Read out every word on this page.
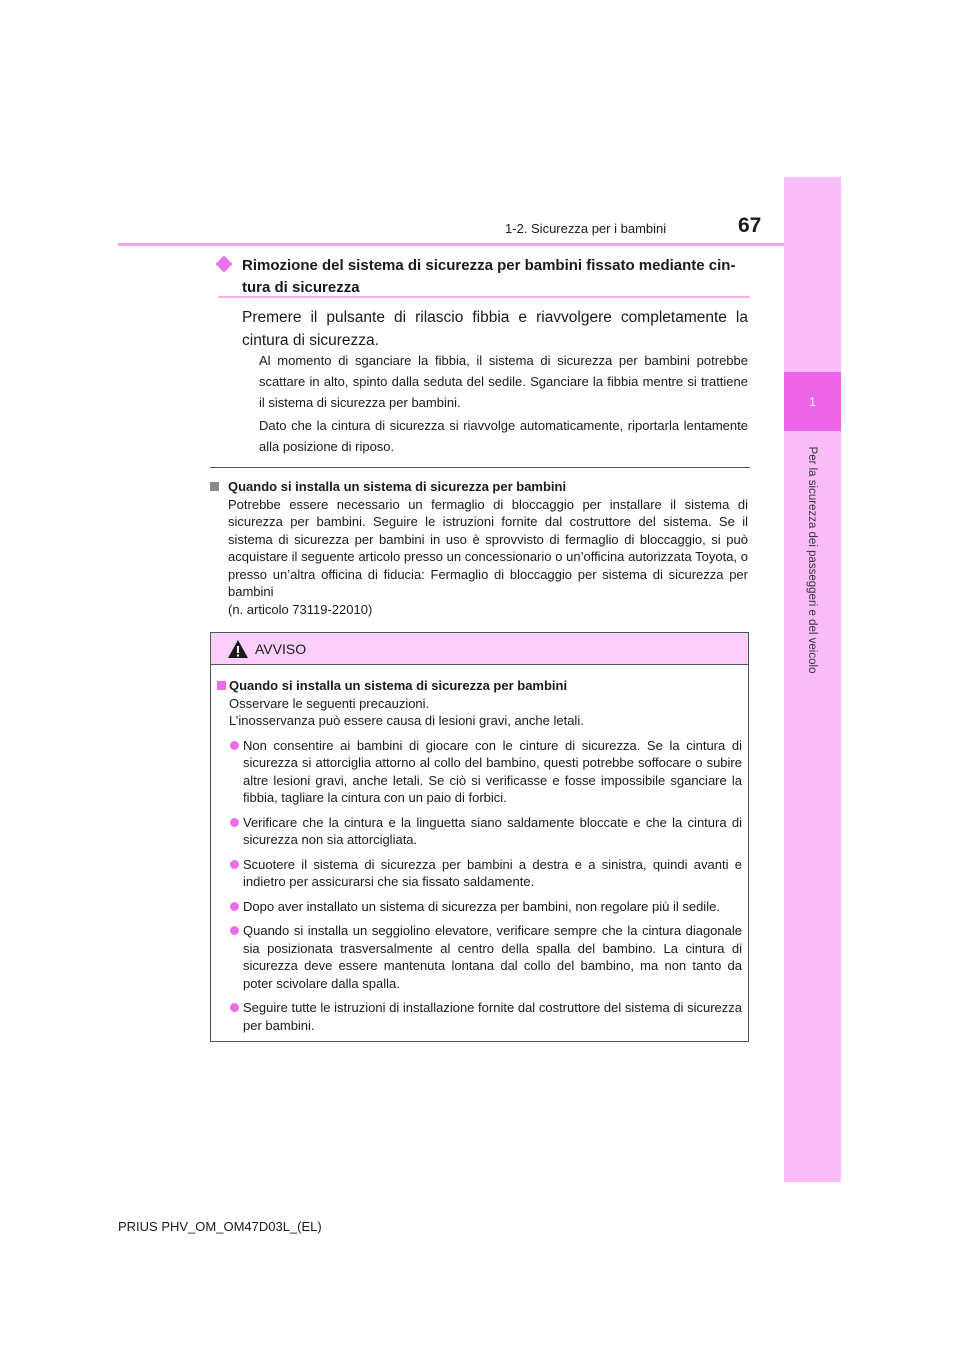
1-2. Sicurezza per i bambini	67
1
Per la sicurezza dei passeggeri e del veicolo
Rimozione del sistema di sicurezza per bambini fissato mediante cin-
tura di sicurezza
Premere il pulsante di rilascio fibbia e riavvolgere completamente la cintura di sicurezza.
Al momento di sganciare la fibbia, il sistema di sicurezza per bambini potrebbe scattare in alto, spinto dalla seduta del sedile. Sganciare la fibbia mentre si trattiene il sistema di sicurezza per bambini.
Dato che la cintura di sicurezza si riavvolge automaticamente, riportarla lentamente alla posizione di riposo.
Quando si installa un sistema di sicurezza per bambini
Potrebbe essere necessario un fermaglio di bloccaggio per installare il sistema di sicurezza per bambini. Seguire le istruzioni fornite dal costruttore del sistema. Se il sistema di sicurezza per bambini in uso è sprovvisto di fermaglio di bloccaggio, si può acquistare il seguente articolo presso un concessionario o un’officina autorizzata Toyota, o presso un’altra officina di fiducia: Fermaglio di bloccaggio per sistema di sicurezza per bambini
(n. articolo 73119-22010)
AVVISO
Quando si installa un sistema di sicurezza per bambini
Osservare le seguenti precauzioni.
L’inosservanza può essere causa di lesioni gravi, anche letali.
Non consentire ai bambini di giocare con le cinture di sicurezza. Se la cintura di sicurezza si attorciglia attorno al collo del bambino, questi potrebbe soffocare o subire altre lesioni gravi, anche letali. Se ciò si verificasse e fosse impossibile sganciare la fibbia, tagliare la cintura con un paio di forbici.
Verificare che la cintura e la linguetta siano saldamente bloccate e che la cintura di sicurezza non sia attorcigliata.
Scuotere il sistema di sicurezza per bambini a destra e a sinistra, quindi avanti e indietro per assicurarsi che sia fissato saldamente.
Dopo aver installato un sistema di sicurezza per bambini, non regolare più il sedile.
Quando si installa un seggiolino elevatore, verificare sempre che la cintura diagonale sia posizionata trasversalmente al centro della spalla del bambino. La cintura di sicurezza deve essere mantenuta lontana dal collo del bambino, ma non tanto da poter scivolare dalla spalla.
Seguire tutte le istruzioni di installazione fornite dal costruttore del sistema di sicurezza per bambini.
PRIUS PHV_OM_OM47D03L_(EL)
